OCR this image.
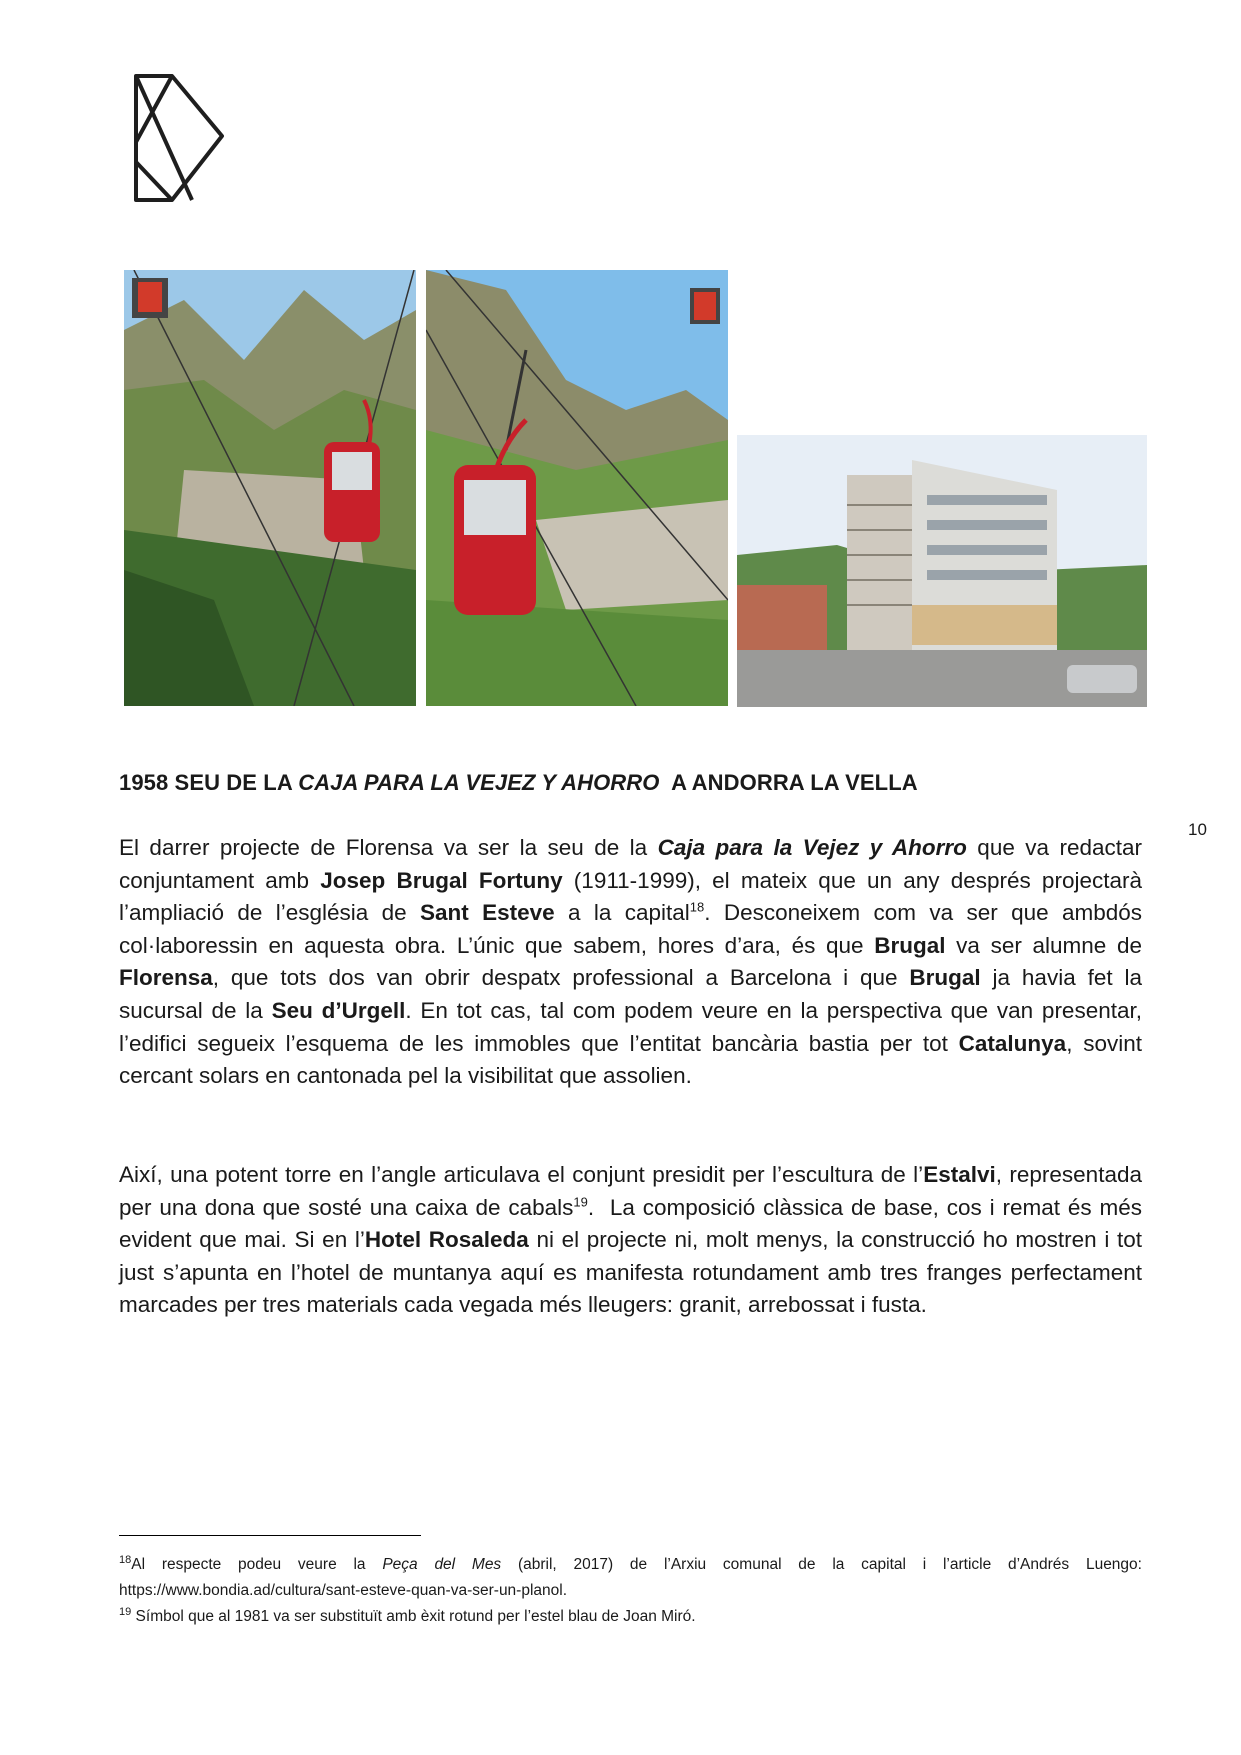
1958 SEU DE LA CAJA PARA LA VEJEZ Y AHORRO  A ANDORRA LA VELLA
10

El darrer projecte de Florensa va ser la seu de la Caja para la Vejez y Ahorro que va redactar conjuntament amb Josep Brugal Fortuny (1911-1999), el mateix que un any després projectarà l’ampliació de l’església de Sant Esteve a la capital$^{18}$. Desconeixem com va ser que ambdós col·laboressin en aquesta obra. L’únic que sabem, hores d’ara, és que Brugal va ser alumne de Florensa, que tots dos van obrir despatx professional a Barcelona i que Brugal ja havia fet la sucursal de la Seu d’Urgell. En tot cas, tal com podem veure en la perspectiva que van presentar, l’edifici segueix l’esquema de les immobles que l’entitat bancària bastia per tot Catalunya, sovint cercant solars en cantonada pel la visibilitat que assolien.

Així, una potent torre en l’angle articulava el conjunt presidit per l’escultura de l’Estalvi, representada per una dona que sosté una caixa de cabals$^{19}$.  La composició clàssica de base, cos i remat és més evident que mai. Si en l’Hotel Rosaleda ni el projecte ni, molt menys, la construcció ho mostren i tot just s’apunta en l’hotel de muntanya aquí es manifesta rotundament amb tres franges perfectament marcades per tres materials cada vegada més lleugers: granit, arrebossat i fusta.

$^{18}$Al respecte podeu veure la Peça del Mes (abril, 2017) de l’Arxiu comunal de la capital i l’article d’Andrés Luengo: https://www.bondia.ad/cultura/sant-esteve-quan-va-ser-un-planol.

$^{19}$ Símbol que al 1981 va ser substituït amb èxit rotund per l’estel blau de Joan Miró.
